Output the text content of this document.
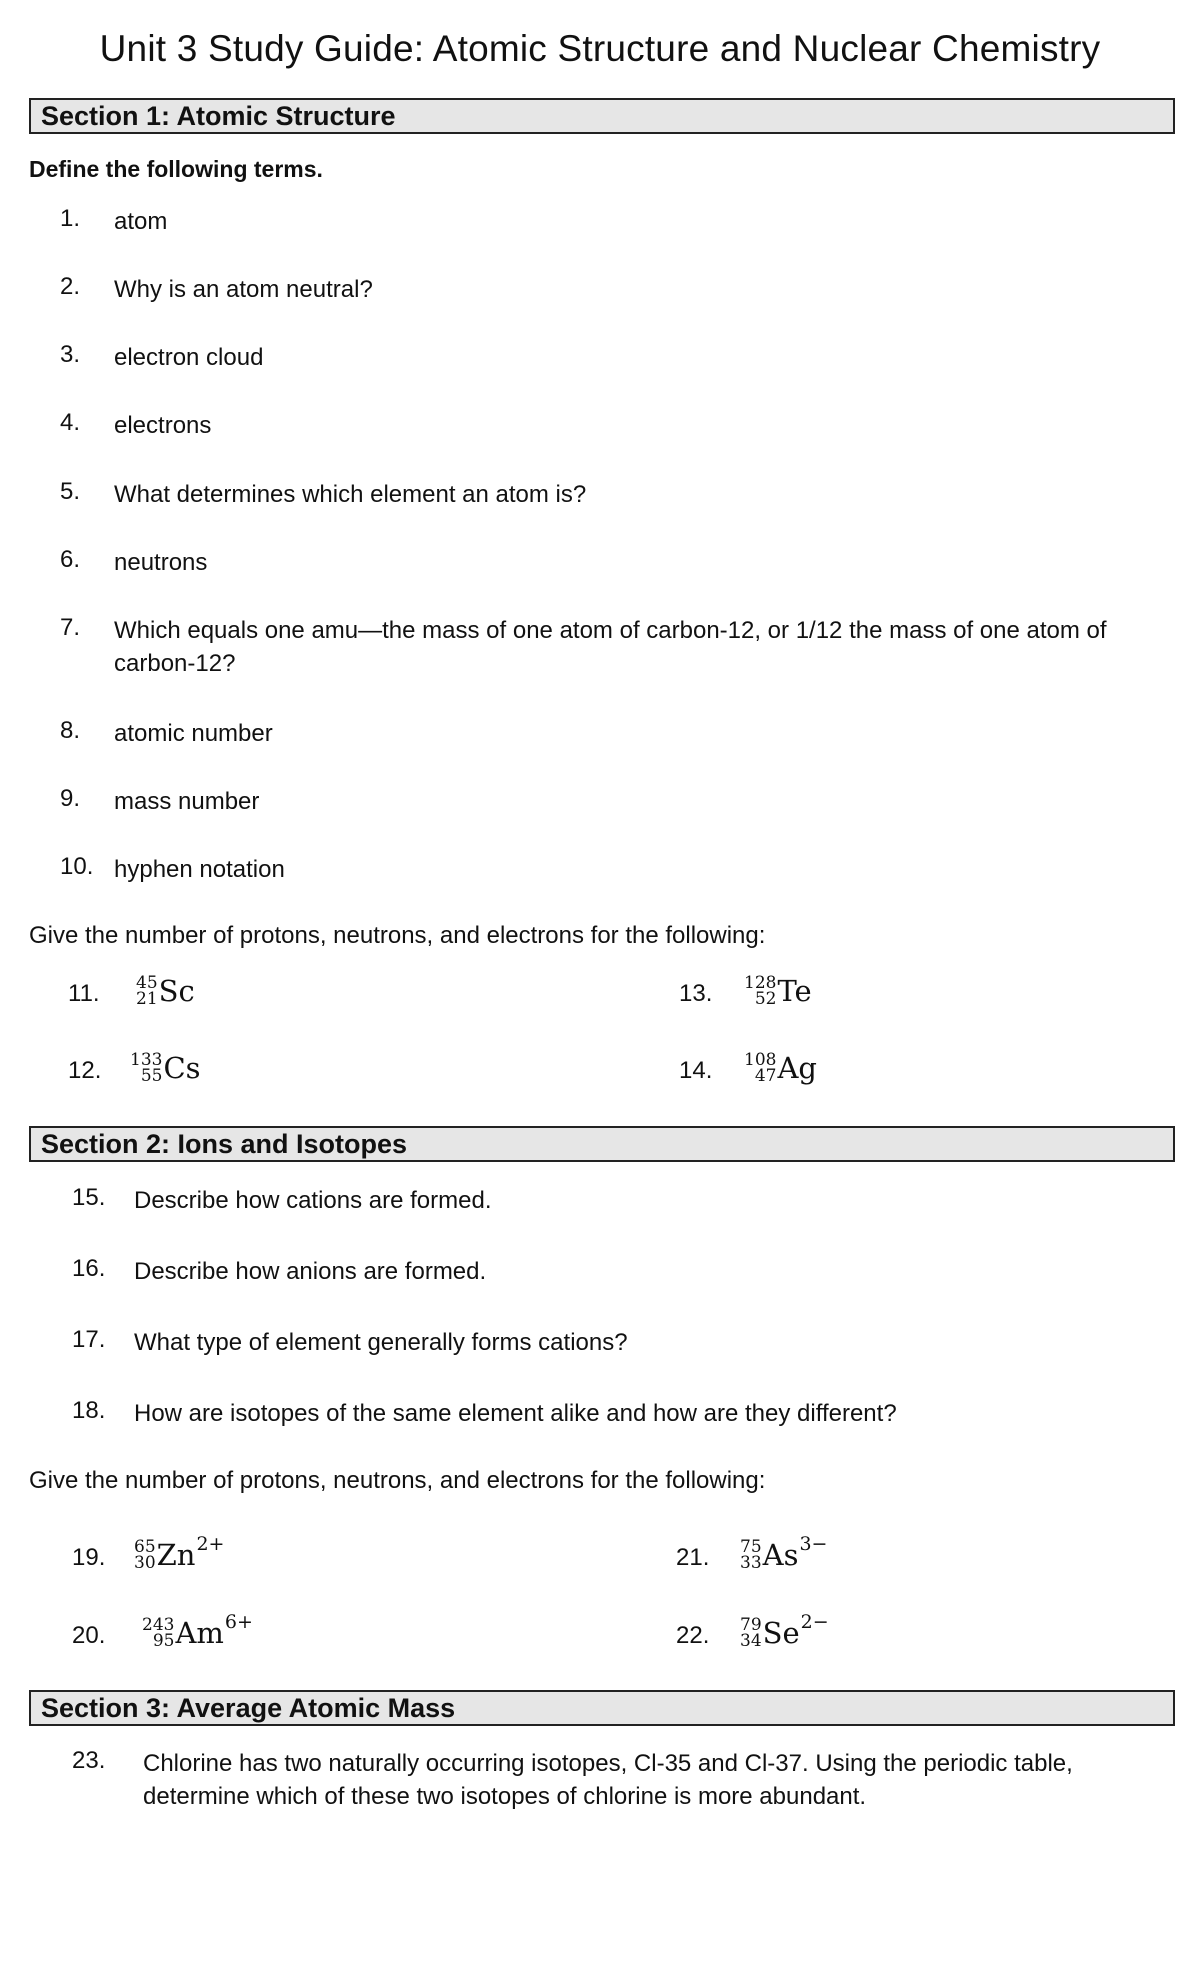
Unit 3 Study Guide: Atomic Structure and Nuclear Chemistry
Section 1: Atomic Structure
Define the following terms.
1. atom
2. Why is an atom neutral?
3. electron cloud
4. electrons
5. What determines which element an atom is?
6. neutrons
7. Which equals one amu—the mass of one atom of carbon-12, or 1/12 the mass of one atom of carbon-12?
8. atomic number
9. mass number
10. hyphen notation
Give the number of protons, neutrons, and electrons for the following:
11. 45
21 Sc
12. 133
55 Cs
13. 128
52 Te
14. 108
47 Ag
Section 2: Ions and Isotopes
15. Describe how cations are formed.
16. Describe how anions are formed.
17. What type of element generally forms cations?
18. How are isotopes of the same element alike and how are they different?
Give the number of protons, neutrons, and electrons for the following:
19. 65
30 Zn 2+
20. 243
95 Am 6+
21. 75
33 As 3−
22. 79
34 Se 2−
Section 3: Average Atomic Mass
23. Chlorine has two naturally occurring isotopes, Cl-35 and Cl-37. Using the periodic table, determine which of these two isotopes of chlorine is more abundant.
